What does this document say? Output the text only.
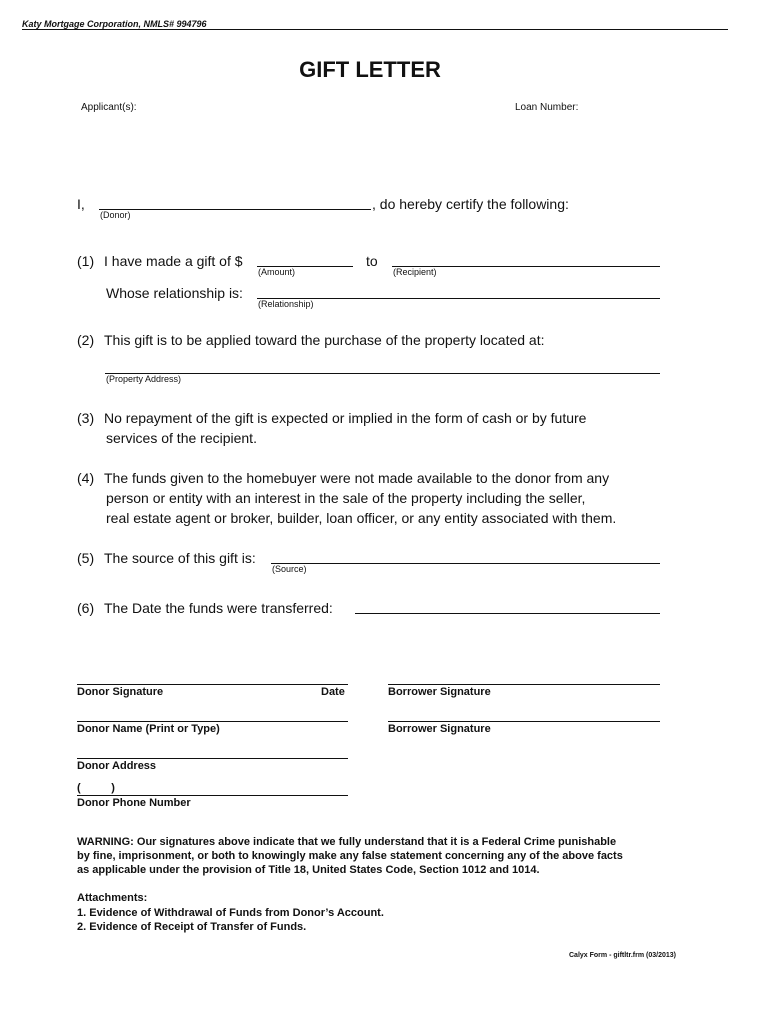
Katy Mortgage Corporation, NMLS# 994796
GIFT LETTER
Applicant(s):	Loan Number:
I,
(Donor)
, do hereby certify the following:
(1) I have made a gift of $
(Amount)
to
(Recipient)
Whose relationship is:
(Relationship)
(2) This gift is to be applied toward the purchase of the property located at:
(Property Address)
(3) No repayment of the gift is expected or implied in the form of cash or by future
services of the recipient.
(4) The funds given to the homebuyer were not made available to the donor from any
person or entity with an interest in the sale of the property including the seller,
real estate agent or broker, builder, loan officer, or any entity associated with them.
(5) The source of this gift is:
(Source)
(6) The Date the funds were transferred:
Donor Signature	Date	Borrower Signature
Donor Name (Print or Type)	Borrower Signature
Donor Address
(          )
Donor Phone Number
WARNING: Our signatures above indicate that we fully understand that it is a Federal Crime punishable
by fine, imprisonment, or both to knowingly make any false statement concerning any of the above facts
as applicable under the provision of Title 18, United States Code, Section 1012 and 1014.
Attachments:
1. Evidence of Withdrawal of Funds from Donor’s Account.
2. Evidence of Receipt of Transfer of Funds.
Calyx Form - giftltr.frm (03/2013)
